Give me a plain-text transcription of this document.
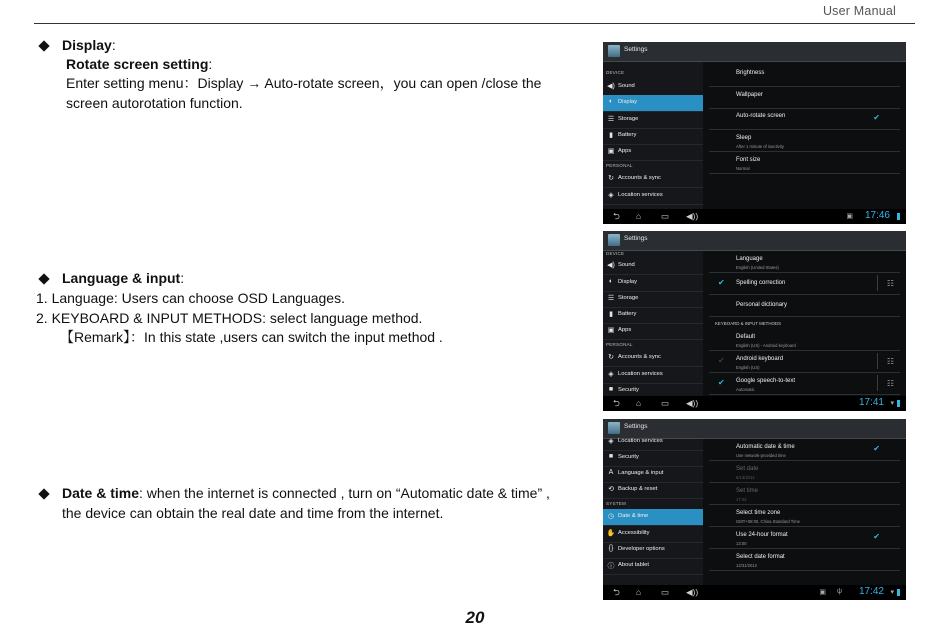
User Manual
Display:
Rotate screen setting:
Enter setting menu：Display → Auto-rotate screen，you can open /close the
screen autorotation function.
Language & input:
1. Language: Users can choose OSD Languages.
2. KEYBOARD & INPUT METHODS: select language method.
【Remark】：In this state ,users can switch the input method .
Date & time: when the internet is connected , turn on “Automatic date & time” ,
the device can obtain the real date and time from the internet.
20
Settings
DEVICE
◀) Sound
◐ Display
☰ Storage
▮ Battery
▣ Apps
PERSONAL
↻ Accounts & sync
◈ Location services
Brightness
Wallpaper
Auto-rotate screen	✔
Sleep
After 1 minute of inactivity
Font size
Normal
⮌ ⌂ ▭ ◀))	▣ 17:46
Settings
DEVICE
◀) Sound
◐ Display
☰ Storage
▮ Battery
▣ Apps
PERSONAL
↻ Accounts & sync
◈ Location services
■ Security
Language
English (United States)
✔ Spelling correction	☷
Personal dictionary
KEYBOARD & INPUT METHODS
Default
English (US) - Android keyboard
✔ Android keyboard
English (US)
☷
✔ Google speech-to-text
Automatic
☷
⮌ ⌂ ▭ ◀))	17:41 ▾
Settings
◈ Location services
■ Security
A Language & input
⟲ Backup & reset
SYSTEM
◷ Date & time
✋ Accessibility
{} Developer options
ⓘ About tablet
Automatic date & time
Use network-provided time
✔
Set date
6/13/2012
Set time
17:42
Select time zone
GMT+08:00, China Standard Time
Use 24-hour format
13:00
✔
Select date format
12/31/2012
⮌ ⌂ ▭ ◀))	▣ ψ 17:42 ▾
